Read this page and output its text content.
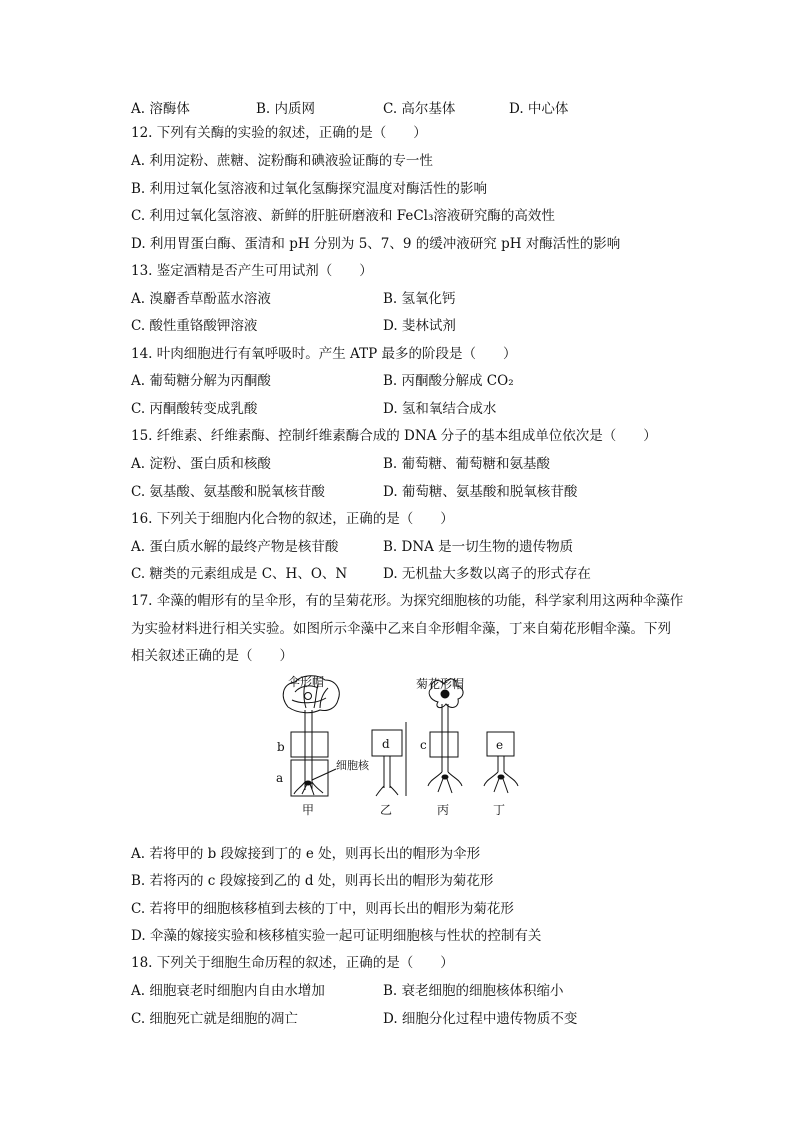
A. 溶酶体	B. 内质网	C. 高尔基体	D. 中心体
12. 下列有关酶的实验的叙述，正确的是（　　）
A. 利用淀粉、蔗糖、淀粉酶和碘液验证酶的专一性
B. 利用过氧化氢溶液和过氧化氢酶探究温度对酶活性的影响
C. 利用过氧化氢溶液、新鲜的肝脏研磨液和 FeCl₃溶液研究酶的高效性
D. 利用胃蛋白酶、蛋清和 pH 分别为 5、7、9 的缓冲液研究 pH 对酶活性的影响
13. 鉴定酒精是否产生可用试剂（　　）
A. 溴麝香草酚蓝水溶液	B. 氢氧化钙
C. 酸性重铬酸钾溶液	D. 斐林试剂
14. 叶肉细胞进行有氧呼吸时。产生 ATP 最多的阶段是（　　）
A. 葡萄糖分解为丙酮酸	B. 丙酮酸分解成 CO₂
C. 丙酮酸转变成乳酸	D. 氢和氧结合成水
15. 纤维素、纤维素酶、控制纤维素酶合成的 DNA 分子的基本组成单位依次是（　　）
A. 淀粉、蛋白质和核酸	B. 葡萄糖、葡萄糖和氨基酸
C. 氨基酸、氨基酸和脱氧核苷酸	D. 葡萄糖、氨基酸和脱氧核苷酸
16. 下列关于细胞内化合物的叙述，正确的是（　　）
A. 蛋白质水解的最终产物是核苷酸	B. DNA 是一切生物的遗传物质
C. 糖类的元素组成是 C、H、O、N	D. 无机盐大多数以离子的形式存在
17. 伞藻的帽形有的呈伞形，有的呈菊花形。为探究细胞核的功能，科学家利用这两种伞藻作
为实验材料进行相关实验。如图所示伞藻中乙来自伞形帽伞藻，丁来自菊花形帽伞藻。下列
相关叙述正确的是（　　）
伞形帽	菊花形帽
b
a
d	c	e
细胞核
甲	乙	丙	丁
A. 若将甲的 b 段嫁接到丁的 e 处，则再长出的帽形为伞形
B. 若将丙的 c 段嫁接到乙的 d 处，则再长出的帽形为菊花形
C. 若将甲的细胞核移植到去核的丁中，则再长出的帽形为菊花形
D. 伞藻的嫁接实验和核移植实验一起可证明细胞核与性状的控制有关
18. 下列关于细胞生命历程的叙述，正确的是（　　）
A. 细胞衰老时细胞内自由水增加	B. 衰老细胞的细胞核体积缩小
C. 细胞死亡就是细胞的凋亡	D. 细胞分化过程中遗传物质不变
